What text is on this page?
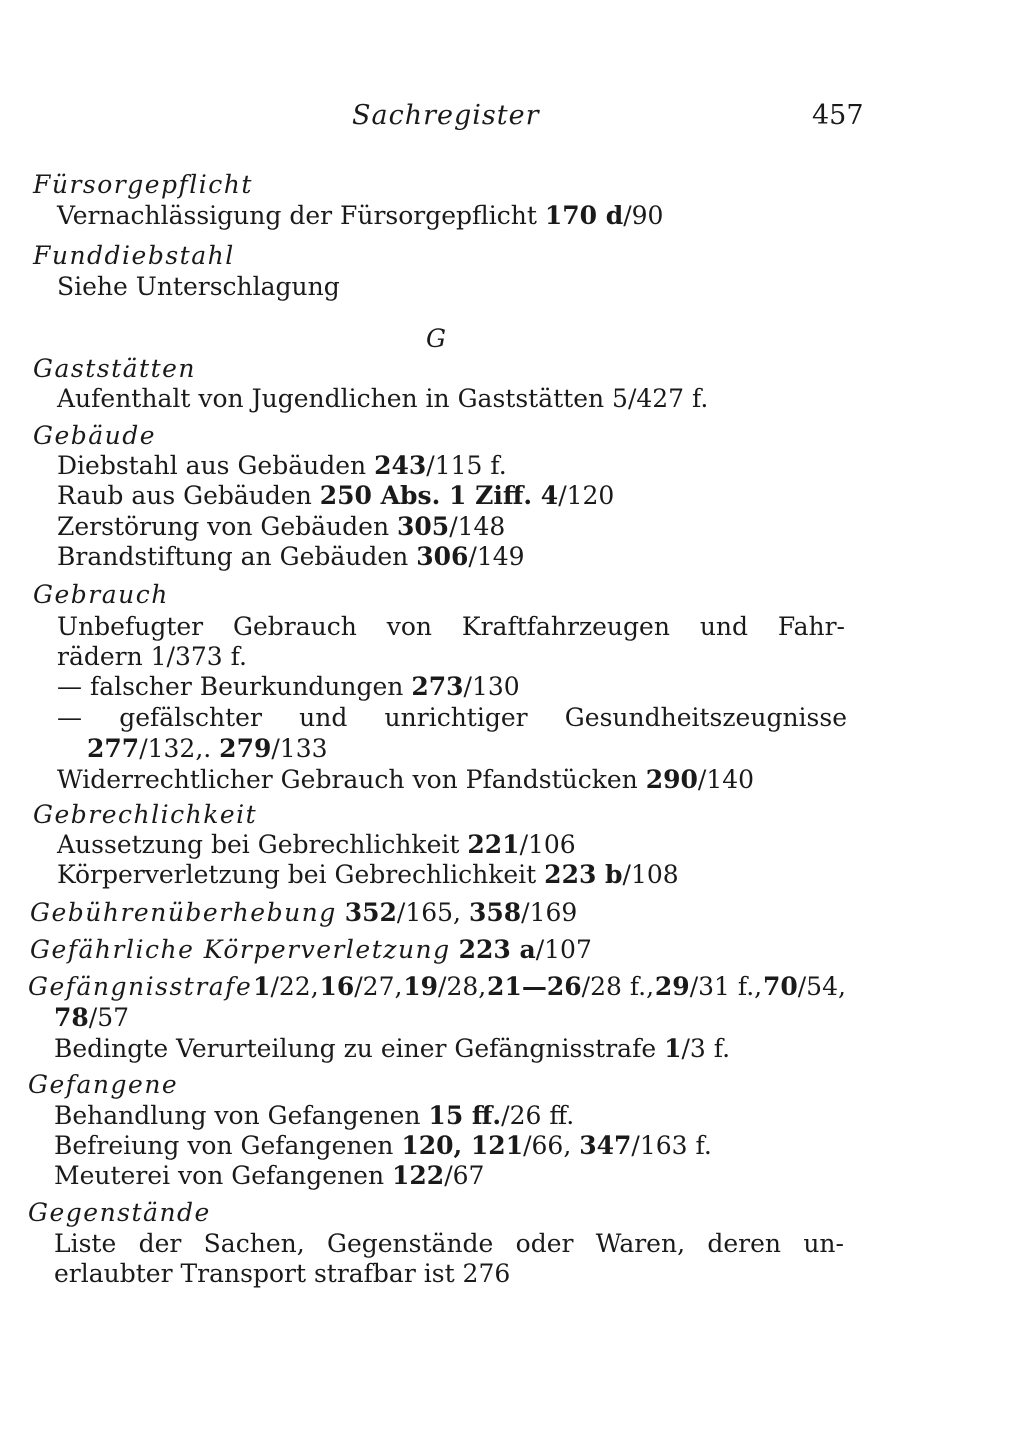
Sachregister	457
Fürsorgepflicht
Vernachlässigung der Fürsorgepflicht 170 d/90
Funddiebstahl
Siehe Unterschlagung
G
Gaststätten
Aufenthalt von Jugendlichen in Gaststätten 5/427 f.
Gebäude
Diebstahl aus Gebäuden 243/115 f.
Raub aus Gebäuden 250 Abs. 1 Ziff. 4/120
Zerstörung von Gebäuden 305/148
Brandstiftung an Gebäuden 306/149
Gebrauch
Unbefugter Gebrauch von Kraftfahrzeugen und Fahr-
rädern 1/373 f.
— falscher Beurkundungen 273/130
— gefälschter und unrichtiger Gesundheitszeugnisse
277/132,. 279/133
Widerrechtlicher Gebrauch von Pfandstücken 290/140
Gebrechlichkeit
Aussetzung bei Gebrechlichkeit 221/106
Körperverletzung bei Gebrechlichkeit 223 b/108
Gebührenüberhebung 352/165, 358/169
Gefährliche Körperverletzung 223 a/107
Gefängnisstrafe 1/22, 16/27, 19/28, 21—26/28 f., 29/31 f., 70/54,
78/57
Bedingte Verurteilung zu einer Gefängnisstrafe 1/3 f.
Gefangene
Behandlung von Gefangenen 15 ff./26 ff.
Befreiung von Gefangenen 120, 121/66, 347/163 f.
Meuterei von Gefangenen 122/67
Gegenstände
Liste der Sachen, Gegenstände oder Waren, deren un-
erlaubter Transport strafbar ist 276
